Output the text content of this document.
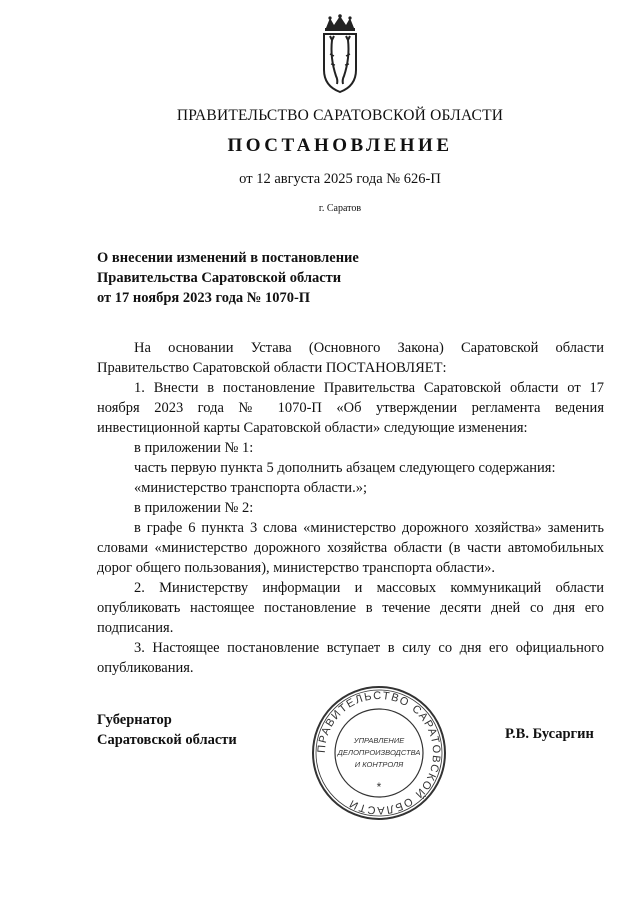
ПРАВИТЕЛЬСТВО САРАТОВСКОЙ ОБЛАСТИ
ПОСТАНОВЛЕНИЕ
от 12 августа 2025 года № 626-П
г. Саратов
О внесении изменений в постановление
Правительства Саратовской области
от 17 ноября 2023 года № 1070-П

На основании Устава (Основного Закона) Саратовской области Правительство Саратовской области ПОСТАНОВЛЯЕТ:

1. Внести в постановление Правительства Саратовской области от 17 ноября 2023 года № 1070-П «Об утверждении регламента ведения инвестиционной карты Саратовской области» следующие изменения:

в приложении № 1:

часть первую пункта 5 дополнить абзацем следующего содержания:

«министерство транспорта области.»;

в приложении № 2:

в графе 6 пункта 3 слова «министерство дорожного хозяйства» заменить словами «министерство дорожного хозяйства области (в части автомобильных дорог общего пользования), министерство транспорта области».

2. Министерству информации и массовых коммуникаций области опубликовать настоящее постановление в течение десяти дней со дня его подписания.

3. Настоящее постановление вступает в силу со дня его официального опубликования.

Губернатор
Саратовской области	Р.В. Бусаргин
ПРАВИТЕЛЬСТВО САРАТОВСКОЙ ОБЛАСТИ
УПРАВЛЕНИЕ
ДЕЛОПРОИЗВОДСТВА
И КОНТРОЛЯ
*
